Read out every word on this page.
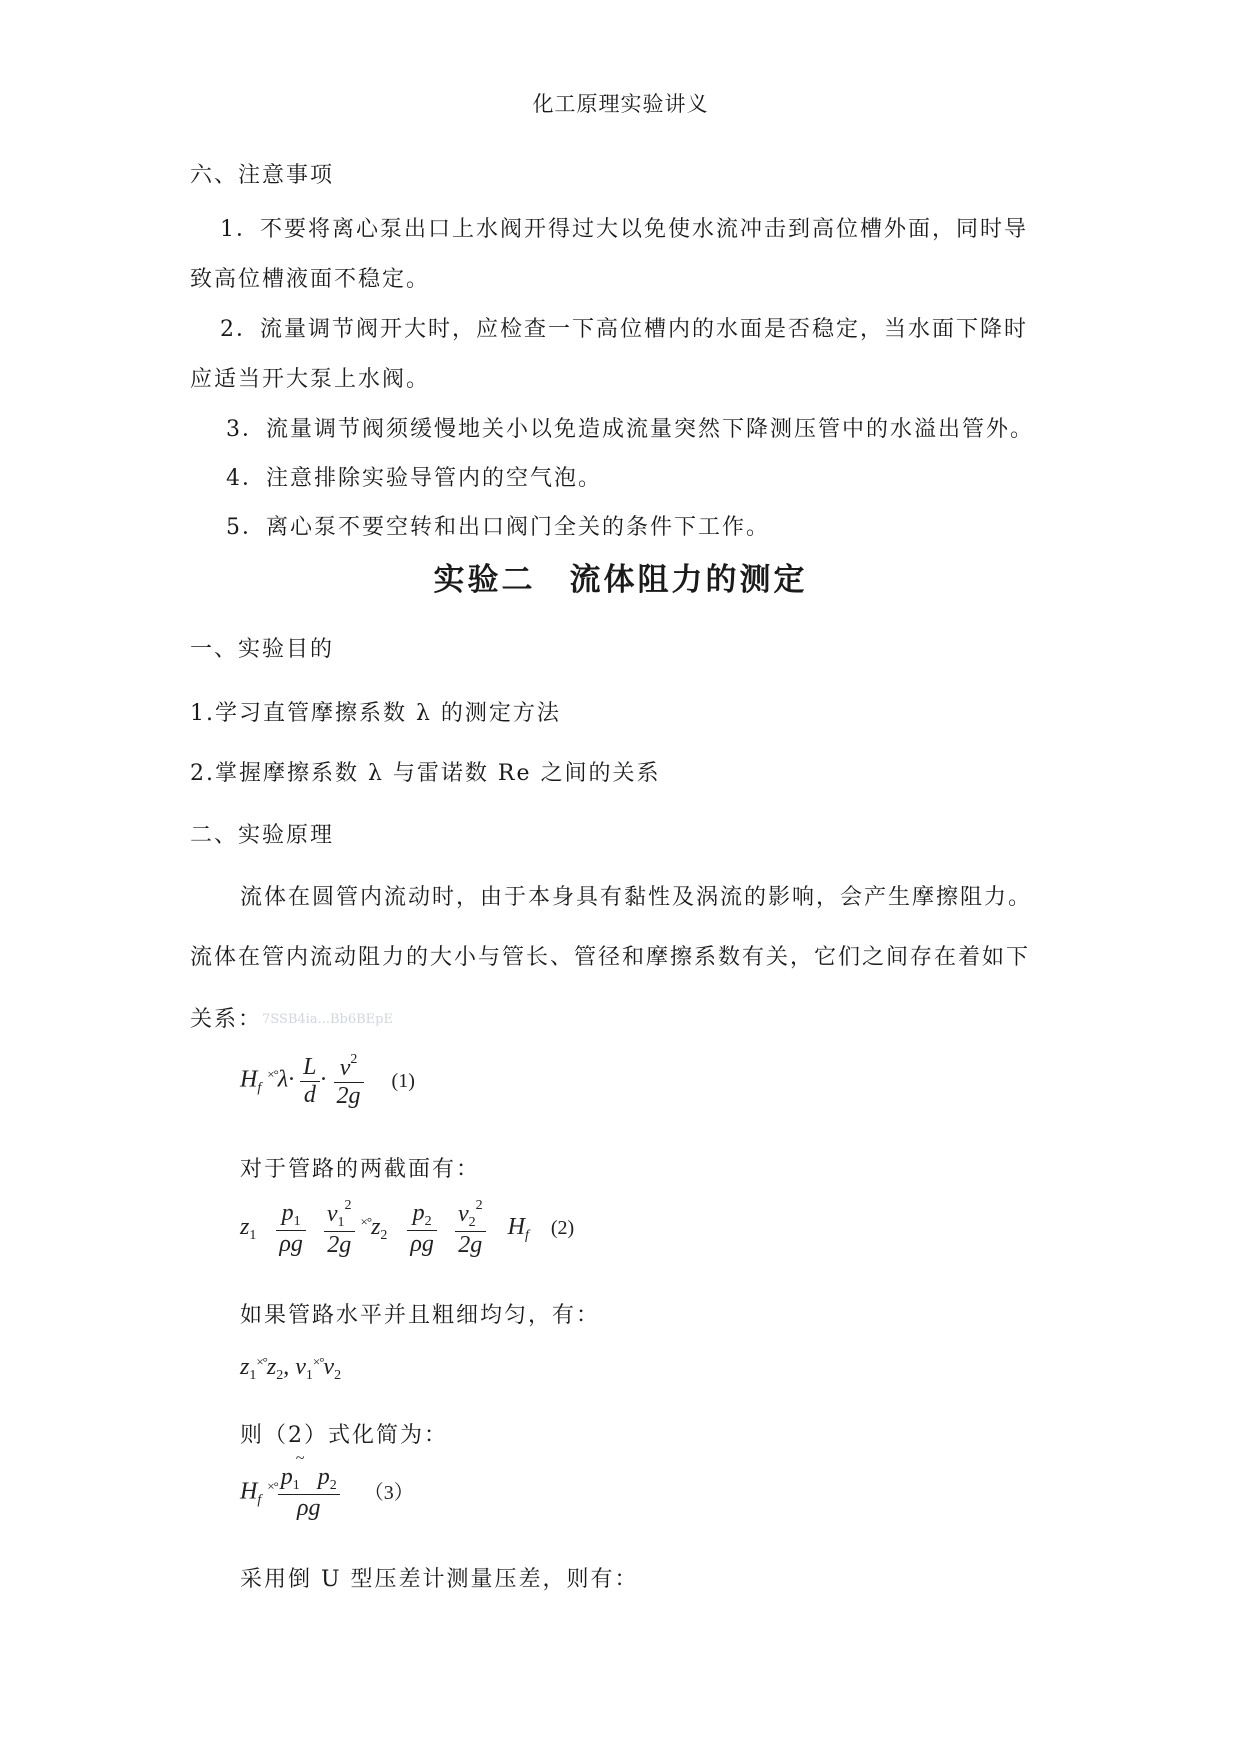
化工原理实验讲义
六、注意事项
1．不要将离心泵出口上水阀开得过大以免使水流冲击到高位槽外面，同时导
致高位槽液面不稳定。
2．流量调节阀开大时，应检查一下高位槽内的水面是否稳定，当水面下降时
应适当开大泵上水阀。
3．流量调节阀须缓慢地关小以免造成流量突然下降测压管中的水溢出管外。
4．注意排除实验导管内的空气泡。
5．离心泵不要空转和出口阀门全关的条件下工作。
实验二　流体阻力的测定
一、实验目的
1.学习直管摩擦系数 λ 的测定方法
2.掌握摩擦系数 λ 与雷诺数 Re 之间的关系
二、实验原理
流体在圆管内流动时，由于本身具有黏性及涡流的影响，会产生摩擦阻力。
流体在管内流动阻力的大小与管长、管径和摩擦系数有关，它们之间存在着如下
关系： 7SSB4ia...Bb6BEpE
$H_f$ $^{\times^\circ}\lambda\cdot \frac{L}{d} \cdot \frac{v^2}{2g} (1)$
对于管路的两截面有：
$z_1 \frac{p_1}{\rho g}$
$\frac{v_1^2}{2g} ^{\times^\circ}z_2 \frac{p_2}{\rho g}$
$\frac{v_2^2}{2g} H_f$ (2)
如果管路水平并且粗细均匀，有：
$z_1^{\times^\circ}z_2$, $v_1^{\times^\circ}v_2$
则（2）式化简为：
$H_f$ ×° ~
$p_1$ $p_2$
ρg （3）
采用倒 U 型压差计测量压差，则有：
